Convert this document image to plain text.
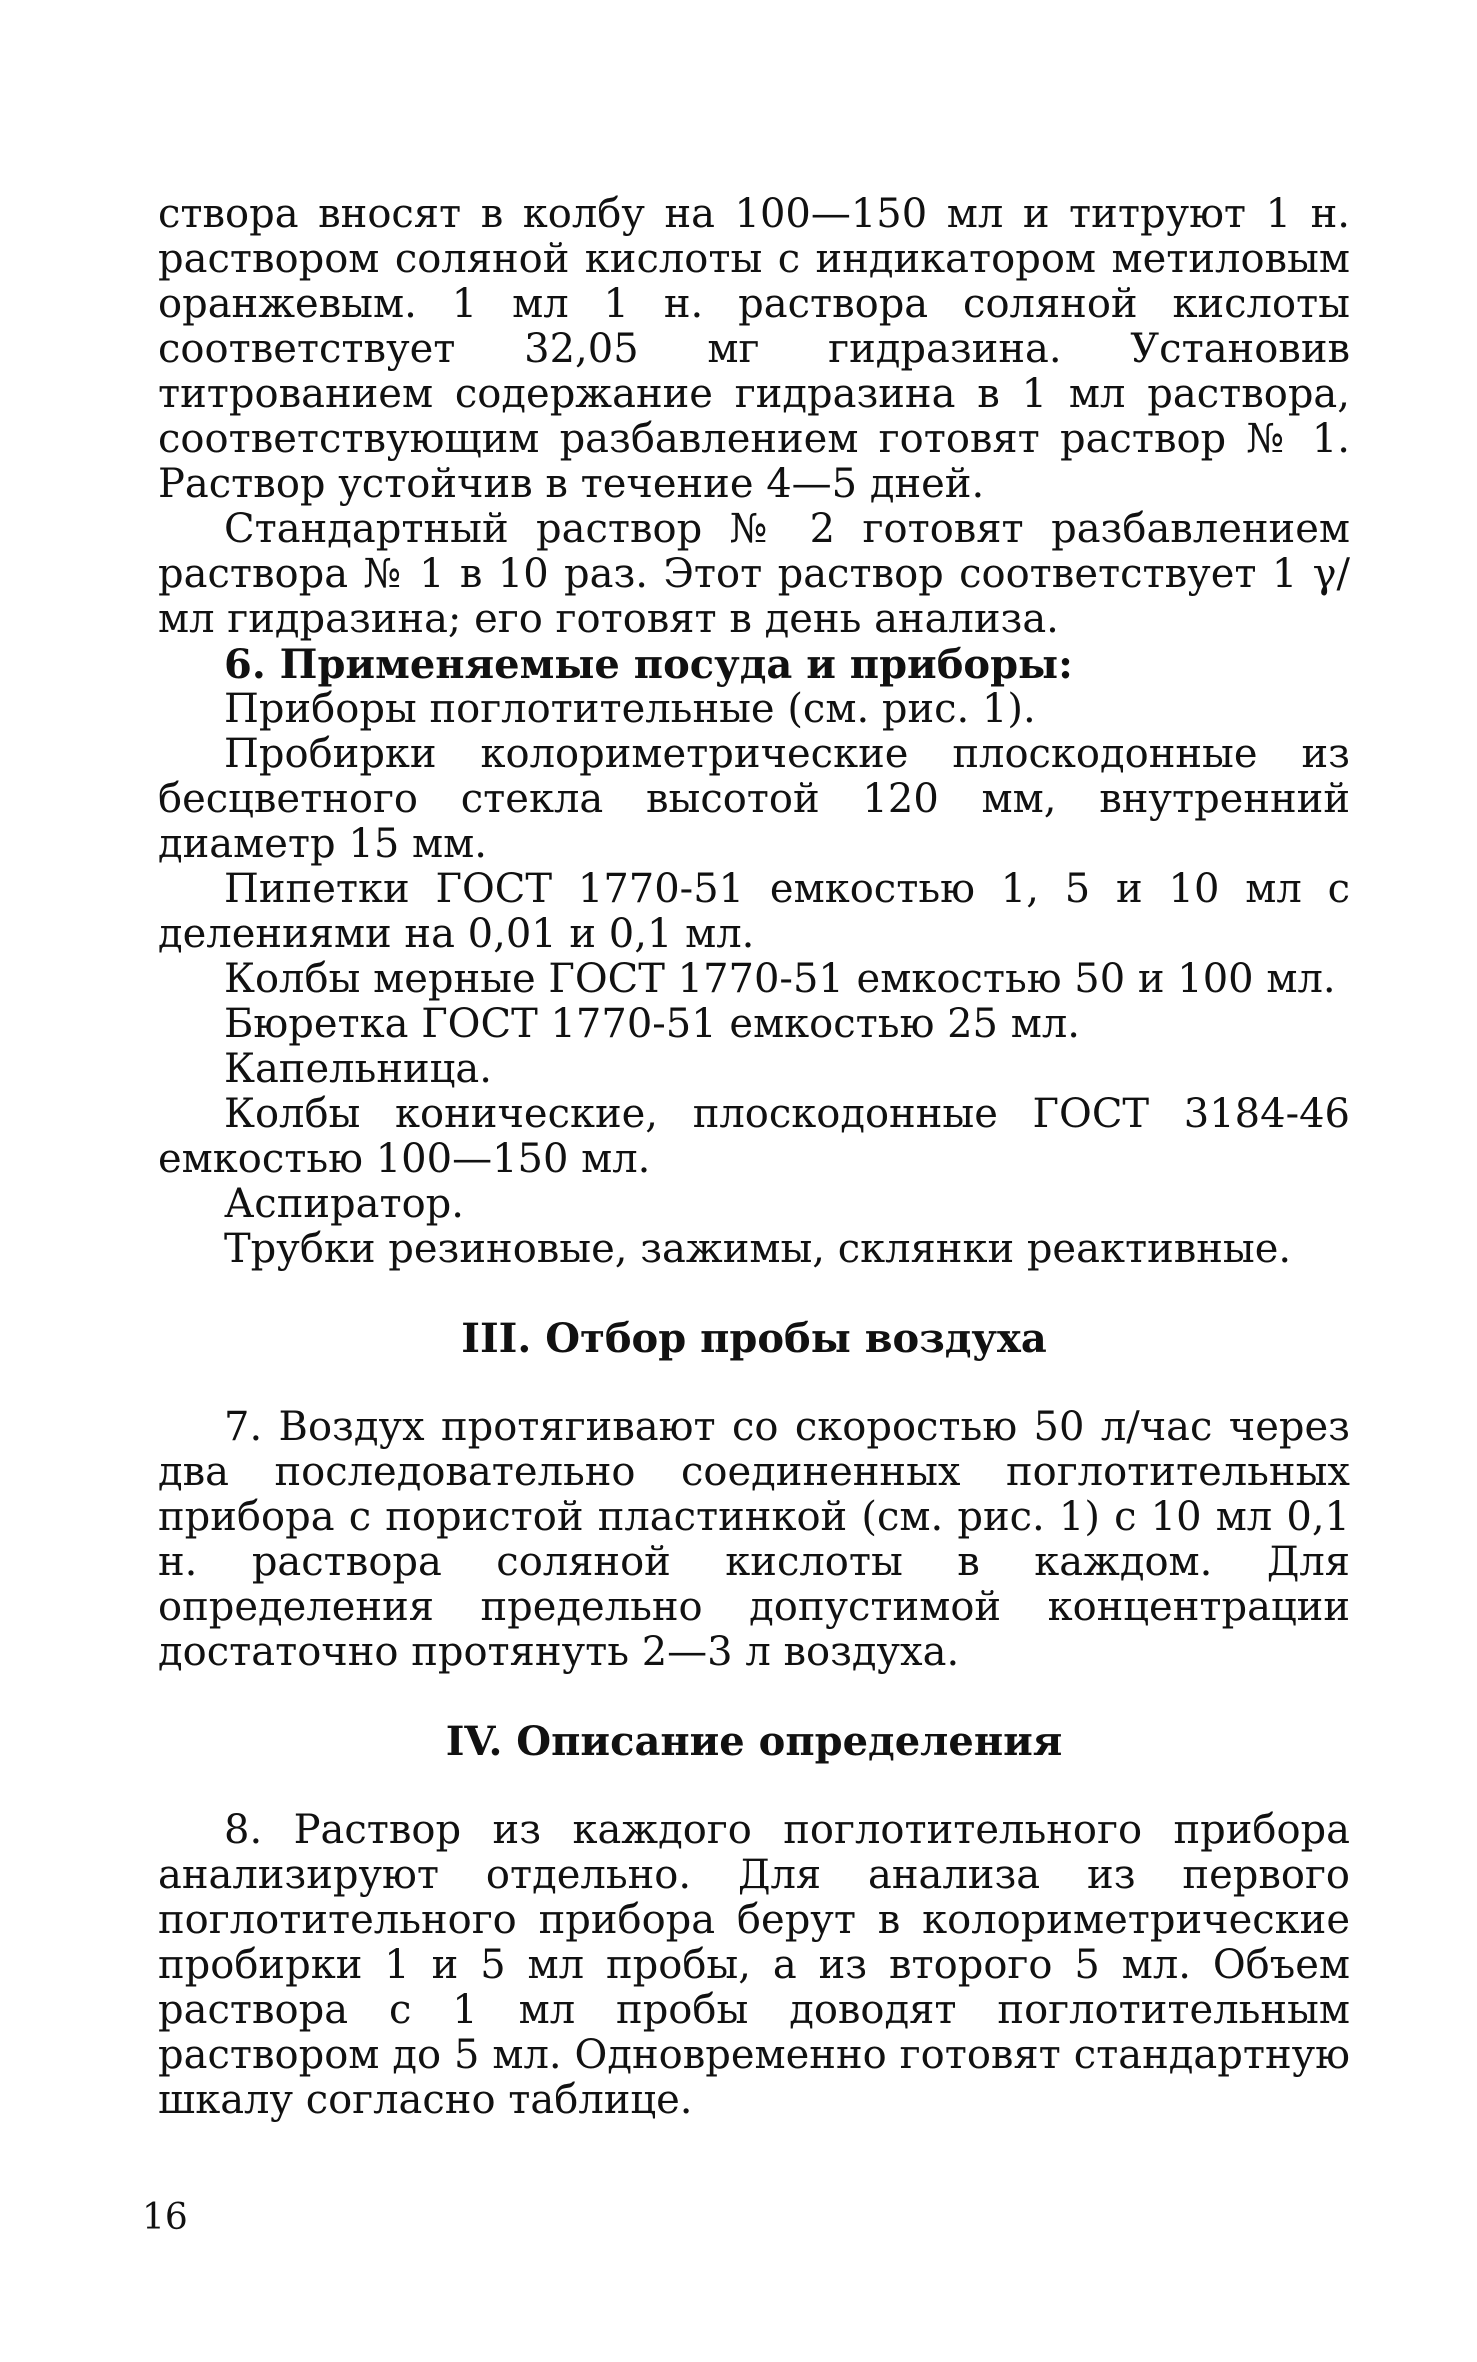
створа вносят в колбу на 100—150 мл и титруют 1 н. раствором соляной кислоты с индикатором метиловым оранжевым. 1 мл 1 н. раствора соляной кислоты соответствует 32,05 мг гидразина. Установив титрованием содержание гидразина в 1 мл раствора, соответствующим разбавлением готовят раствор № 1. Раствор устойчив в течение 4—5 дней.

Стандартный раствор № 2 готовят разбавлением раствора № 1 в 10 раз. Этот раствор соответствует 1 γ/мл гидразина; его готовят в день анализа.

6. Применяемые посуда и приборы:

Приборы поглотительные (см. рис. 1).

Пробирки колориметрические плоскодонные из бесцветного стекла высотой 120 мм, внутренний диаметр 15 мм.

Пипетки ГОСТ 1770-51 емкостью 1, 5 и 10 мл с делениями на 0,01 и 0,1 мл.

Колбы мерные ГОСТ 1770-51 емкостью 50 и 100 мл.

Бюретка ГОСТ 1770-51 емкостью 25 мл.

Капельница.

Колбы конические, плоскодонные ГОСТ 3184-46 емкостью 100—150 мл.

Аспиратор.

Трубки резиновые, зажимы, склянки реактивные.

III. Отбор пробы воздуха

7. Воздух протягивают со скоростью 50 л/час через два последовательно соединенных поглотительных прибора с пористой пластинкой (см. рис. 1) с 10 мл 0,1 н. раствора соляной кислоты в каждом. Для определения предельно допустимой концентрации достаточно протянуть 2—3 л воздуха.

IV. Описание определения

8. Раствор из каждого поглотительного прибора анализируют отдельно. Для анализа из первого поглотительного прибора берут в колориметрические пробирки 1 и 5 мл пробы, а из второго 5 мл. Объем раствора с 1 мл пробы доводят поглотительным раствором до 5 мл. Одновременно готовят стандартную шкалу согласно таблице.

16
